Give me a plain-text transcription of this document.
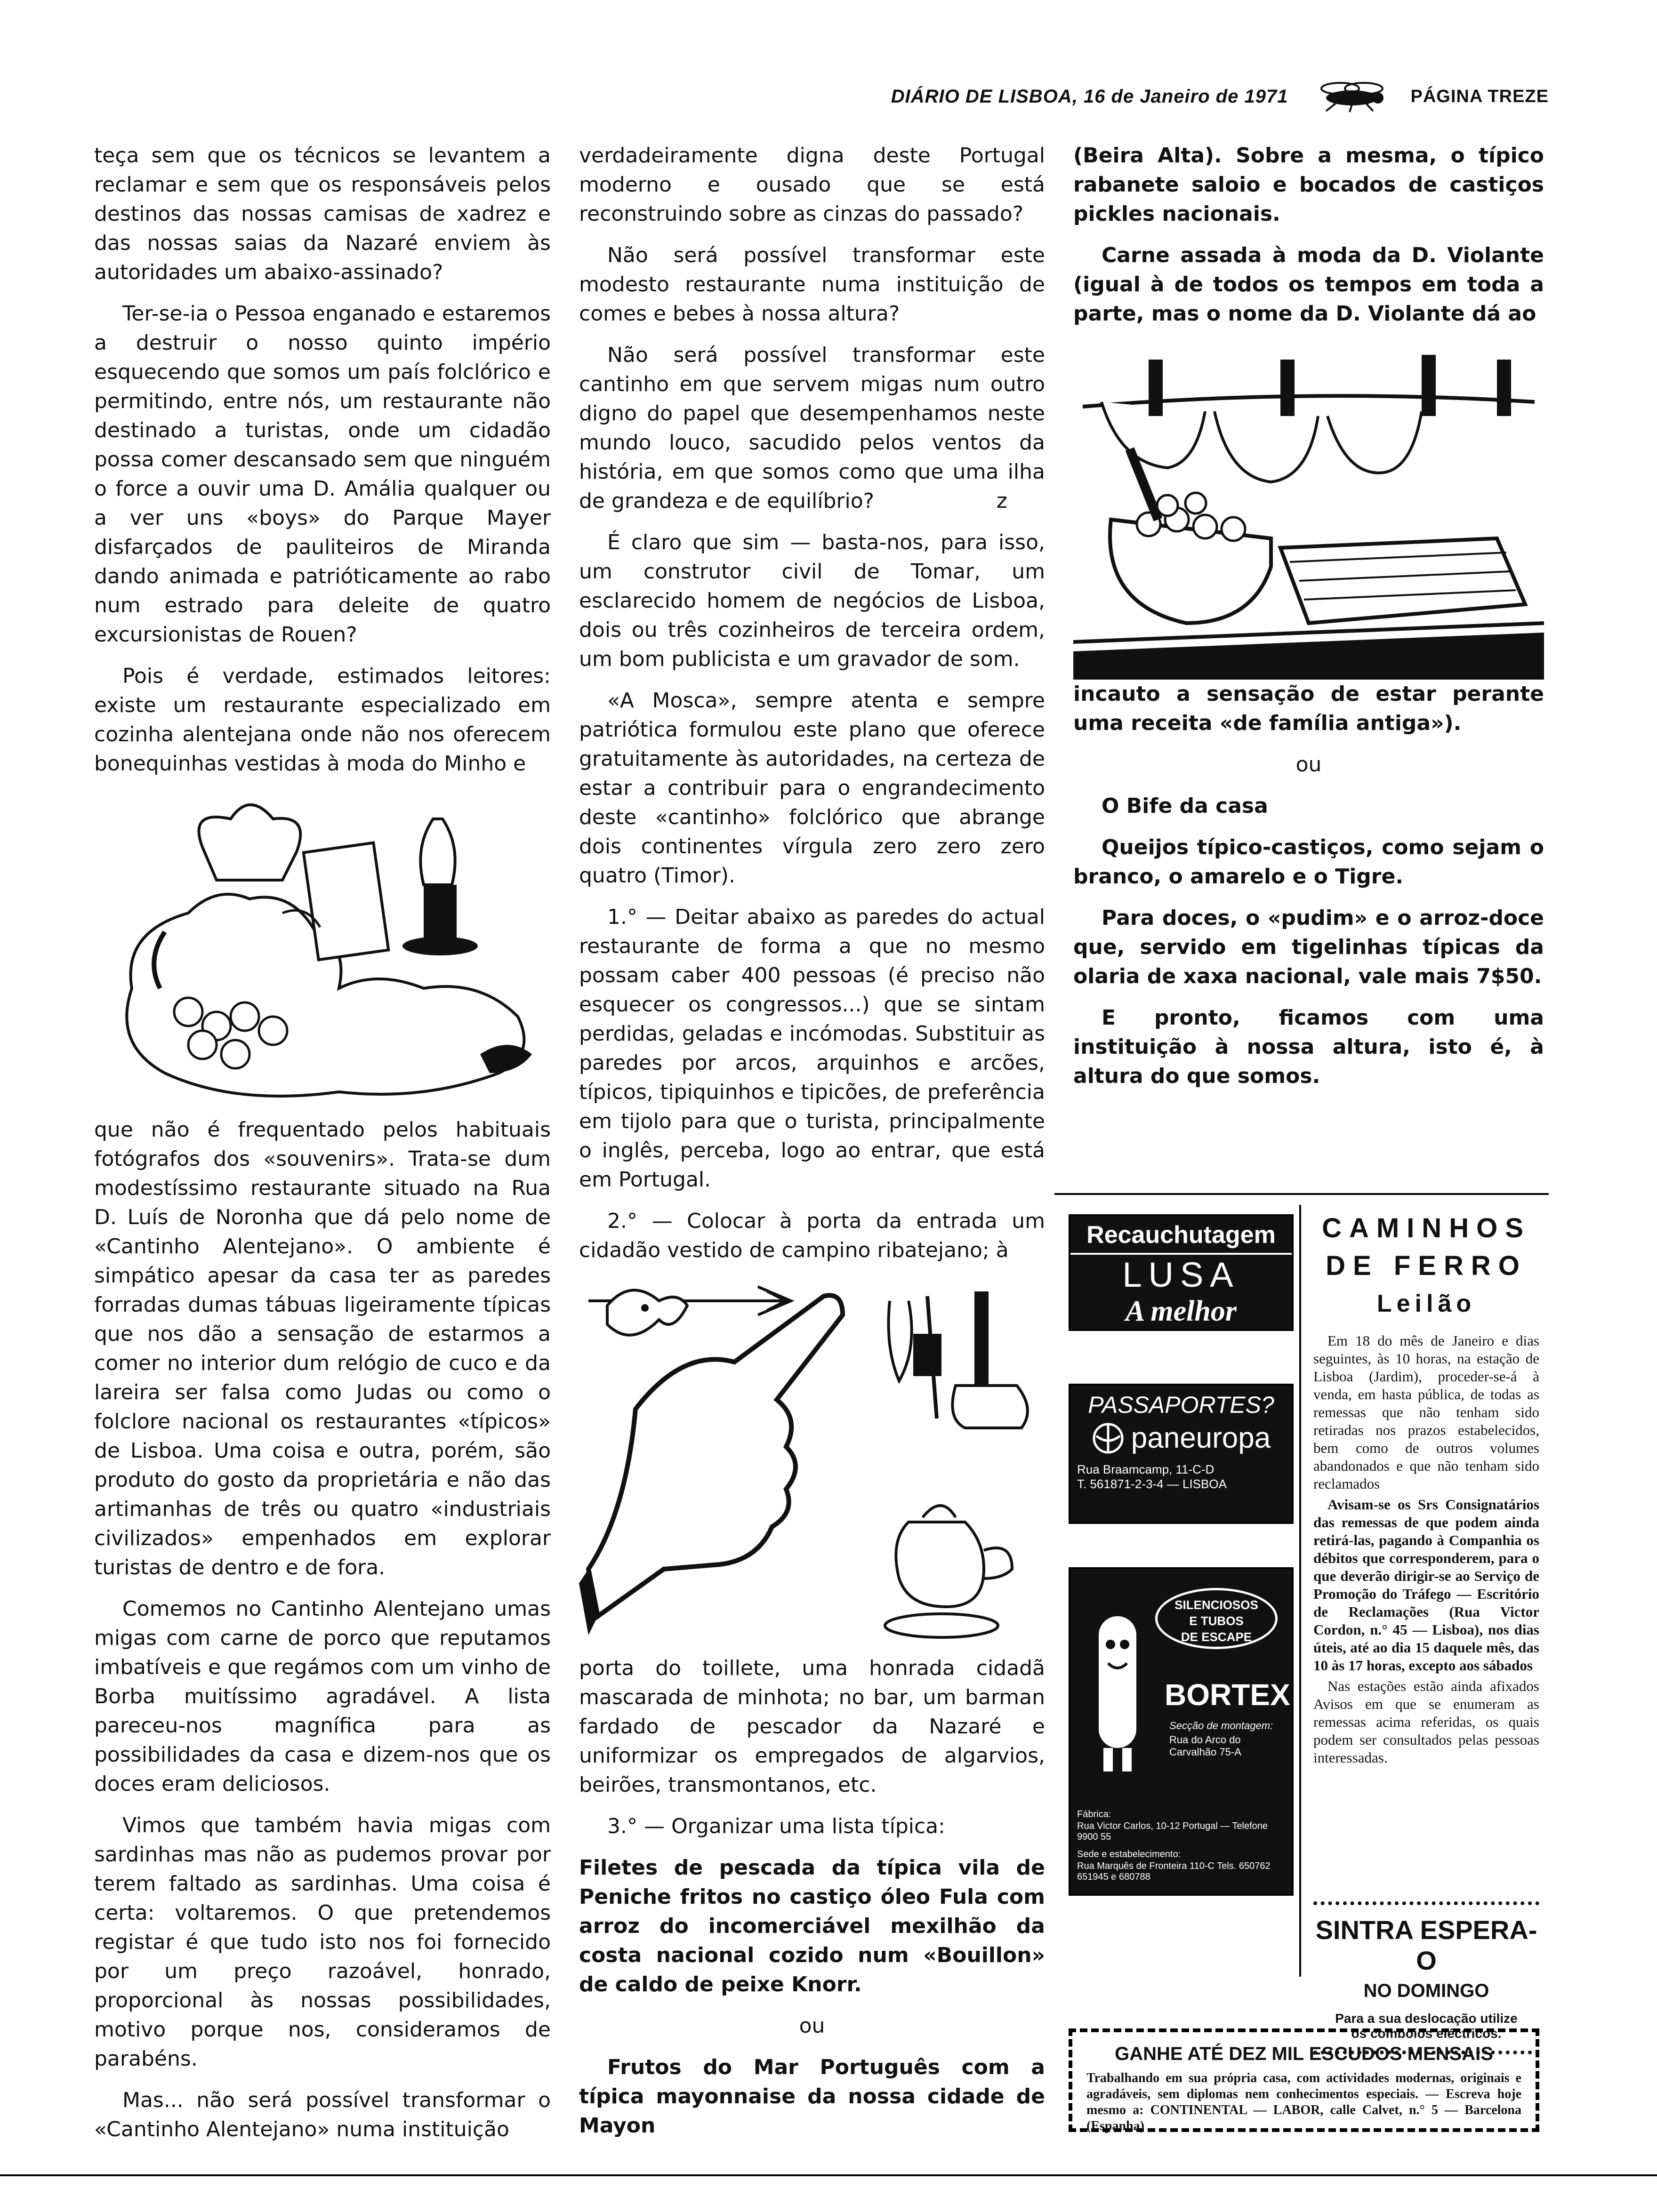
DIÁRIO DE LISBOA, 16 de Janeiro de 1971	PÁGINA TREZE

teça sem que os técnicos se levantem a reclamar e sem que os responsáveis pelos destinos das nossas camisas de xadrez e das nossas saias da Nazaré enviem às autoridades um abaixo-assinado?

Ter-se-ia o Pessoa enganado e estaremos a destruir o nosso quinto império esquecendo que somos um país folclórico e permitindo, entre nós, um restaurante não destinado a turistas, onde um cidadão possa comer descansado sem que ninguém o force a ouvir uma D. Amália qualquer ou a ver uns «boys» do Parque Mayer disfarçados de pauliteiros de Miranda dando animada e patrióticamente ao rabo num estrado para deleite de quatro excursionistas de Rouen?

Pois é verdade, estimados leitores: existe um restaurante especializado em cozinha alentejana onde não nos oferecem bonequinhas vestidas à moda do Minho e

que não é frequentado pelos habituais fotógrafos dos «souvenirs». Trata-se dum modestíssimo restaurante situado na Rua D. Luís de Noronha que dá pelo nome de «Cantinho Alentejano». O ambiente é simpático apesar da casa ter as paredes forradas dumas tábuas ligeiramente típicas que nos dão a sensação de estarmos a comer no interior dum relógio de cuco e da lareira ser falsa como Judas ou como o folclore nacional os restaurantes «típicos» de Lisboa. Uma coisa e outra, porém, são produto do gosto da proprietária e não das artimanhas de três ou quatro «industriais civilizados» empenhados em explorar turistas de dentro e de fora.

Comemos no Cantinho Alentejano umas migas com carne de porco que reputamos imbatíveis e que regámos com um vinho de Borba muitíssimo agradável. A lista pareceu-nos magnífica para as possibilidades da casa e dizem-nos que os doces eram deliciosos.

Vimos que também havia migas com sardinhas mas não as pudemos provar por terem faltado as sardinhas. Uma coisa é certa: voltaremos. O que pretendemos registar é que tudo isto nos foi fornecido por um preço razoável, honrado, proporcional às nossas possibilidades, motivo porque nos, consideramos de parabéns.

Mas... não será possível transformar o «Cantinho Alentejano» numa instituição

verdadeiramente digna deste Portugal moderno e ousado que se está reconstruindo sobre as cinzas do passado?

Não será possível transformar este modesto restaurante numa instituição de comes e bebes à nossa altura?

Não será possível transformar este cantinho em que servem migas num outro digno do papel que desempenhamos neste mundo louco, sacudido pelos ventos da história, em que somos como que uma ilha de grandeza e de equilíbrio?	z

É claro que sim — basta-nos, para isso, um construtor civil de Tomar, um esclarecido homem de negócios de Lisboa, dois ou três cozinheiros de terceira ordem, um bom publicista e um gravador de som.

«A Mosca», sempre atenta e sempre patriótica formulou este plano que oferece gratuitamente às autoridades, na certeza de estar a contribuir para o engrandecimento deste «cantinho» folclórico que abrange dois continentes vírgula zero zero zero quatro (Timor).

1.° — Deitar abaixo as paredes do actual restaurante de forma a que no mesmo possam caber 400 pessoas (é preciso não esquecer os congressos...) que se sintam perdidas, geladas e incómodas. Substituir as paredes por arcos, arquinhos e arcões, típicos, tipiquinhos e tipicões, de preferência em tijolo para que o turista, principalmente o inglês, perceba, logo ao entrar, que está em Portugal.

2.° — Colocar à porta da entrada um cidadão vestido de campino ribatejano; à

porta do toillete, uma honrada cidadã mascarada de minhota; no bar, um barman fardado de pescador da Nazaré e uniformizar os empregados de algarvios, beirões, transmontanos, etc.

3.° — Organizar uma lista típica:

Filetes de pescada da típica vila de Peniche fritos no castiço óleo Fula com arroz do incomerciável mexilhão da costa nacional cozido num «Bouillon» de caldo de peixe Knorr.

ou

Frutos do Mar Português com a típica mayonnaise da nossa cidade de Mayon

(Beira Alta). Sobre a mesma, o típico rabanete saloio e bocados de castiços pickles nacionais.

Carne assada à moda da D. Violante (igual à de todos os tempos em toda a parte, mas o nome da D. Violante dá ao

incauto a sensação de estar perante uma receita «de família antiga»).

ou

O Bife da casa

Queijos típico-castiços, como sejam o branco, o amarelo e o Tigre.

Para doces, o «pudim» e o arroz-doce que, servido em tigelinhas típicas da olaria de xaxa nacional, vale mais 7$50.

E pronto, ficamos com uma instituição à nossa altura, isto é, à altura do que somos.

Recauchutagem
LUSA
A melhor
PASSAPORTES?
paneuropa
Rua Braamcamp, 11-C-D
T. 561871-2-3-4 — LISBOA
SILENCIOSOS
E TUBOS
DE ESCAPE
BORTEX
Secção de montagem:
Rua do Arco do Carvalhão 75-A
Fábrica:
Rua Victor Carlos, 10-12 Portugal — Telefone 9900 55
Sede e estabelecimento:
Rua Marquês de Fronteira 110-C Tels. 650762 651945 e 680788
CAMINHOS
DE FERRO
Leilão
Em 18 do mês de Janeiro e dias seguintes, às 10 horas, na estação de Lisboa (Jardim), proceder-se-á à venda, em hasta pública, de todas as remessas que não tenham sido retiradas nos prazos estabelecidos, bem como de outros volumes abandonados e que não tenham sido reclamados
Avisam-se os Srs Consignatários das remessas de que podem ainda retirá-las, pagando à Companhia os débitos que corresponderem, para o que deverão dirigir-se ao Serviço de Promoção do Tráfego — Escritório de Reclamações (Rua Victor Cordon, n.° 45 — Lisboa), nos dias úteis, até ao dia 15 daquele mês, das 10 às 17 horas, excepto aos sábados
Nas estações estão ainda afixados Avisos em que se enumeram as remessas acima referidas, os quais podem ser consultados pelas pessoas interessadas.
SINTRA ESPERA-O
NO DOMINGO
Para a sua deslocação utilize os comboios eléctricos.
GANHE ATÉ DEZ MIL ESCUDOS MENSAIS
Trabalhando em sua própria casa, com actividades modernas, originais e agradáveis, sem diplomas nem conhecimentos especiais. — Escreva hoje mesmo a: CONTINENTAL — LABOR, calle Calvet, n.° 5 — Barcelona (Espanha)
